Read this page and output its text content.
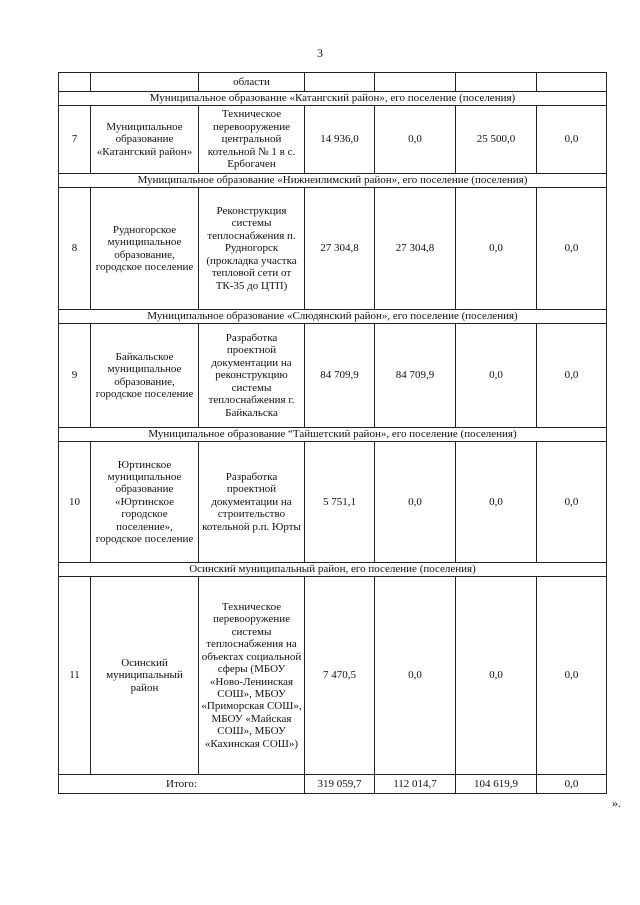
3
		области				
Муниципальное образование «Катангский район», его поселение (поселения)						
7	Муниципальное образование «Катангский район»	Техническое перевооружение центральной котельной № 1 в с. Ербогачен	14 936,0	0,0	25 500,0	0,0
Муниципальное образование «Нижнеилимский район», его поселение (поселения)						
8	Рудногорское муниципальное образование, городское поселение	Реконструкция системы теплоснабжения п. Рудногорск (прокладка участка тепловой сети от ТК-35 до ЦТП)	27 304,8	27 304,8	0,0	0,0
Муниципальное образование «Слюдянский район», его поселение (поселения)						
9	Байкальское муниципальное образование, городское поселение	Разработка проектной документации на реконструкцию системы теплоснабжения г. Байкальска	84 709,9	84 709,9	0,0	0,0
Муниципальное образование “Тайшетский район», его поселение (поселения)						
10	Юртинское муниципальное образование «Юртинское городское поселение», городское поселение	Разработка проектной документации на строительство котельной р.п. Юрты	5 751,1	0,0	0,0	0,0
Осинский муниципальный район, его поселение (поселения)						
11	Осинский муниципальный район	Техническое перевооружение системы теплоснабжения на объектах социальной сферы (МБОУ «Ново-Ленинская СОШ», МБОУ «Приморская СОШ», МБОУ «Майская СОШ», МБОУ «Кахинская СОШ»)	7 470,5	0,0	0,0	0,0
Итого:			319 059,7	112 014,7	104 619,9	0,0
».
